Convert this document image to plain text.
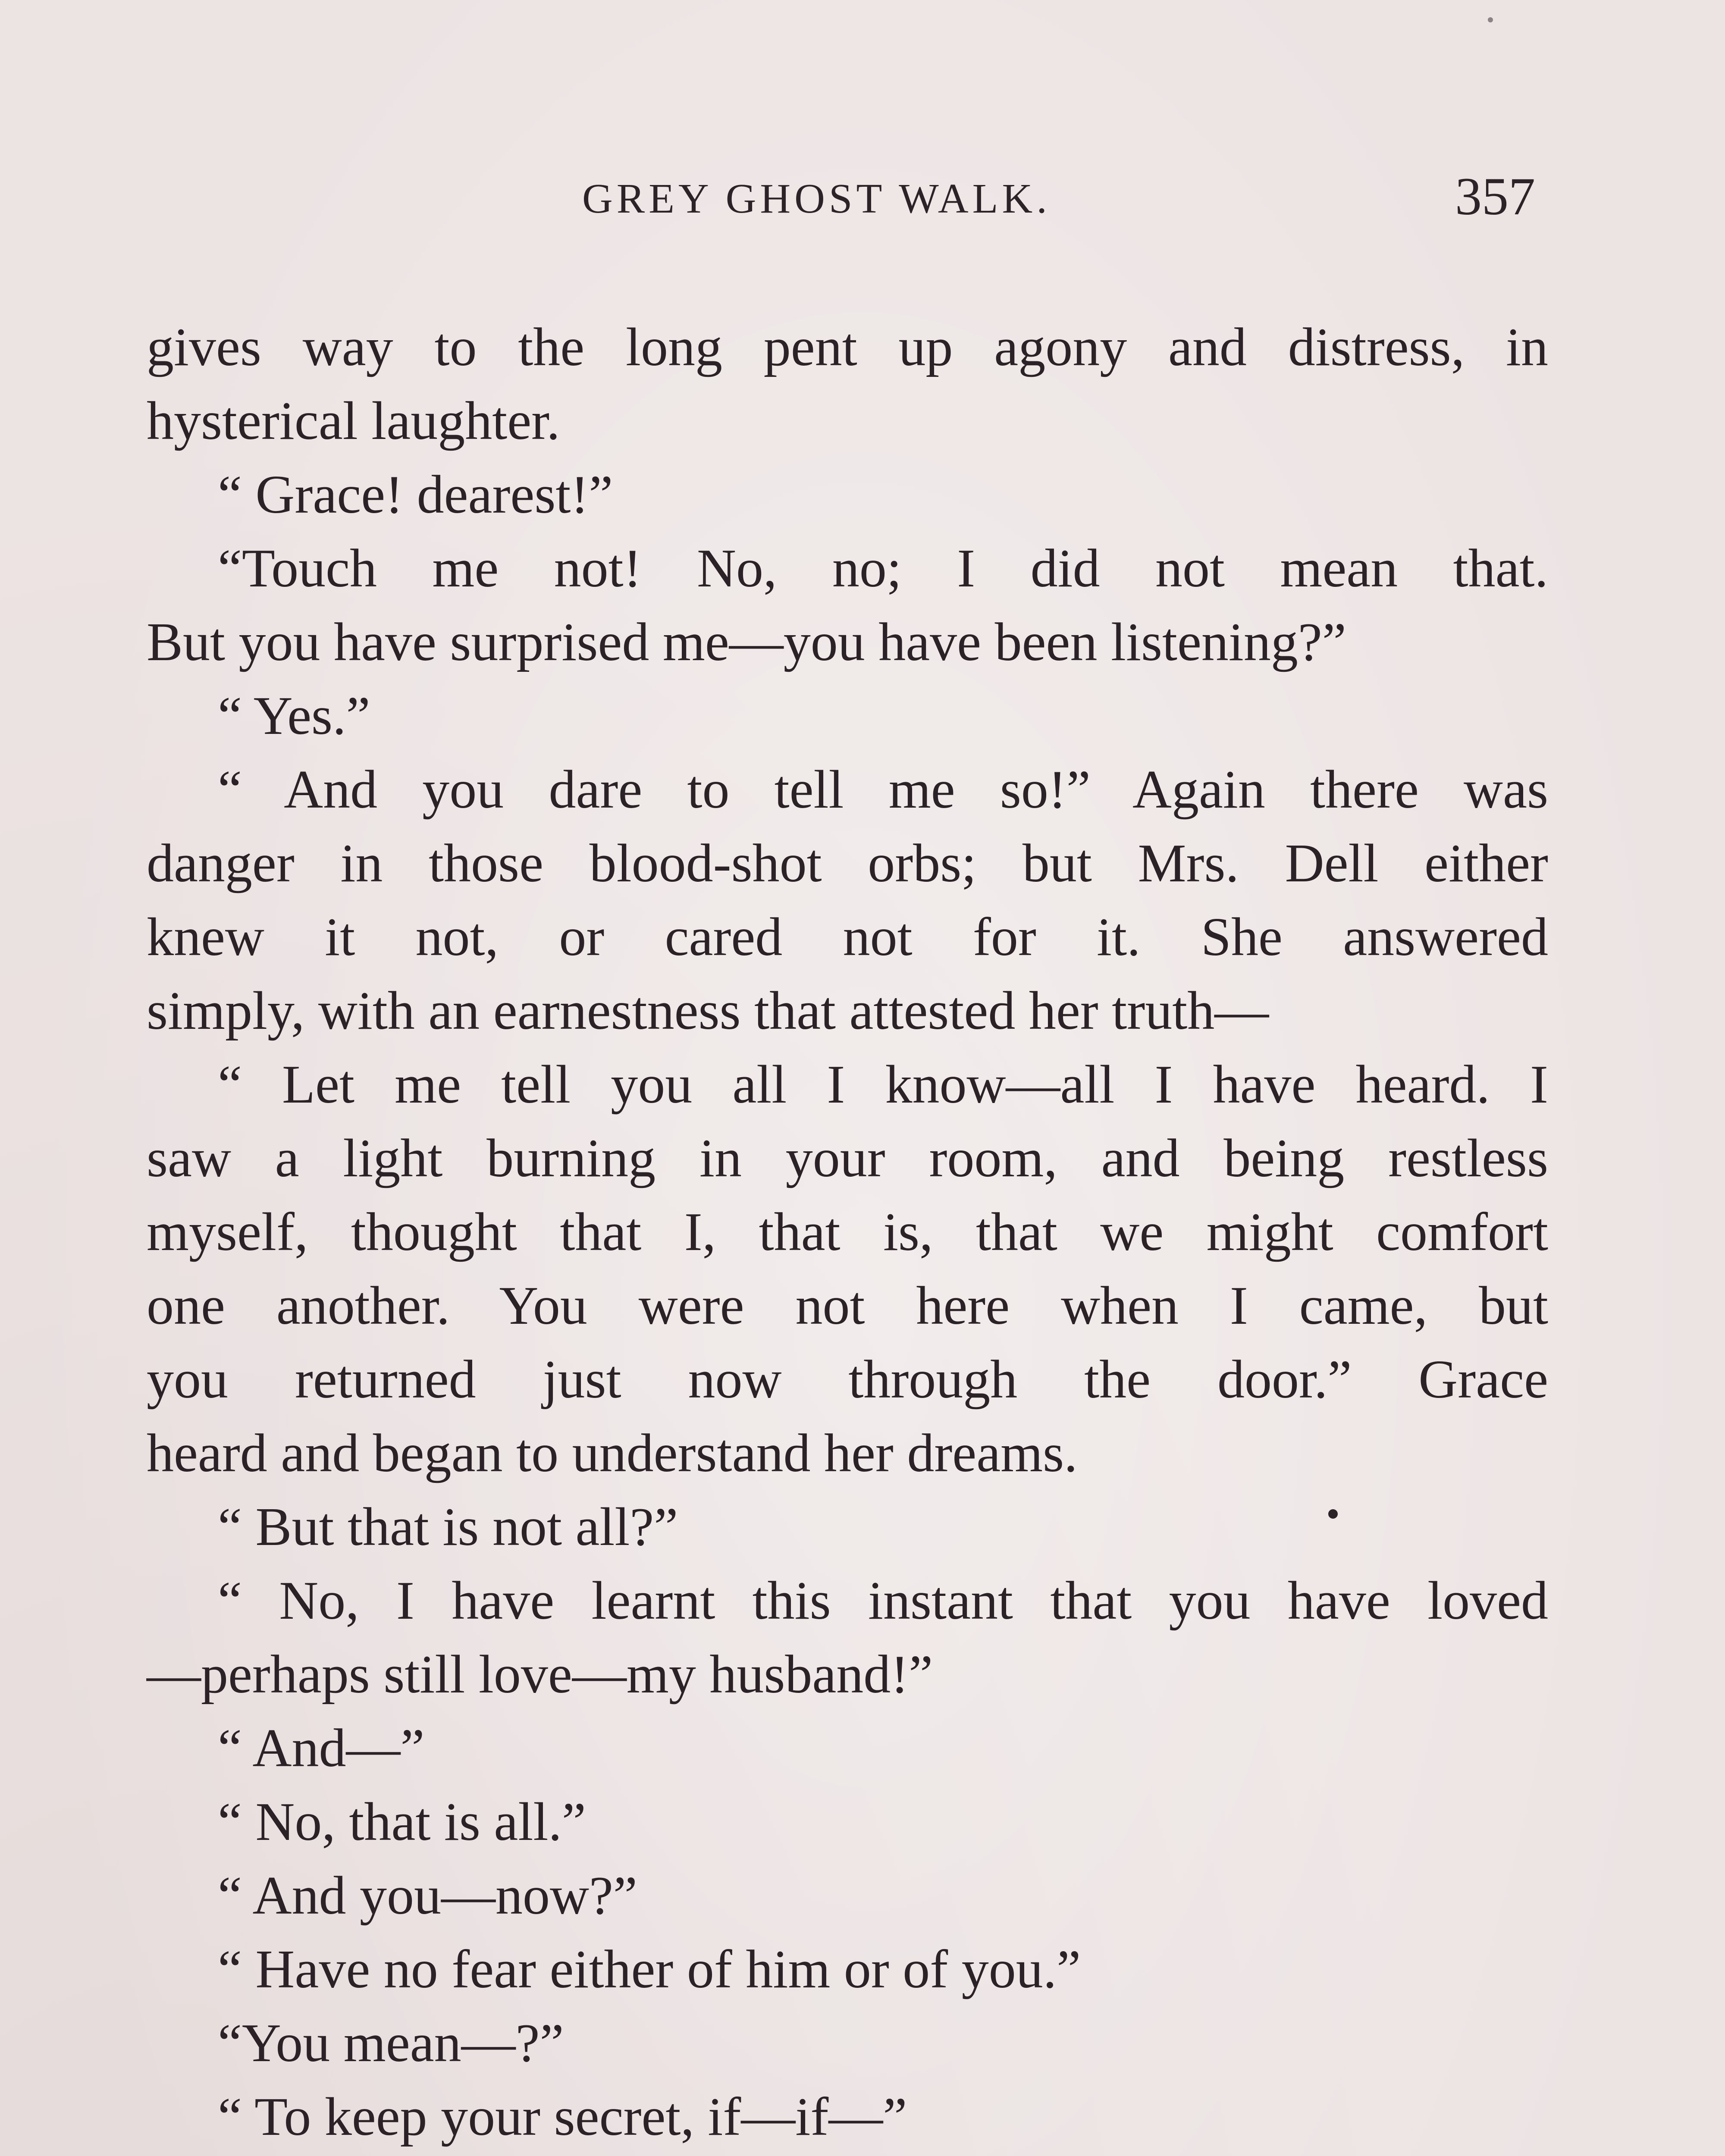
GREY GHOST WALK.	357
gives way to the long pent up agony and distress, in
hysterical laughter.
“ Grace! dearest!”
“Touch me not! No, no; I did not mean that.
But you have surprised me—you have been listening?”
“ Yes.”
“ And you dare to tell me so!” Again there was
danger in those blood-shot orbs; but Mrs. Dell either
knew it not, or cared not for it. She answered
simply, with an earnestness that attested her truth—
“ Let me tell you all I know—all I have heard. I
saw a light burning in your room, and being restless
myself, thought that I, that is, that we might comfort
one another. You were not here when I came, but
you returned just now through the door.” Grace
heard and began to understand her dreams.
“ But that is not all?”
“ No, I have learnt this instant that you have loved
—perhaps still love—my husband!”
“ And—”
“ No, that is all.”
“ And you—now?”
“ Have no fear either of him or of you.”
“You mean—?”
“ To keep your secret, if—if—”
